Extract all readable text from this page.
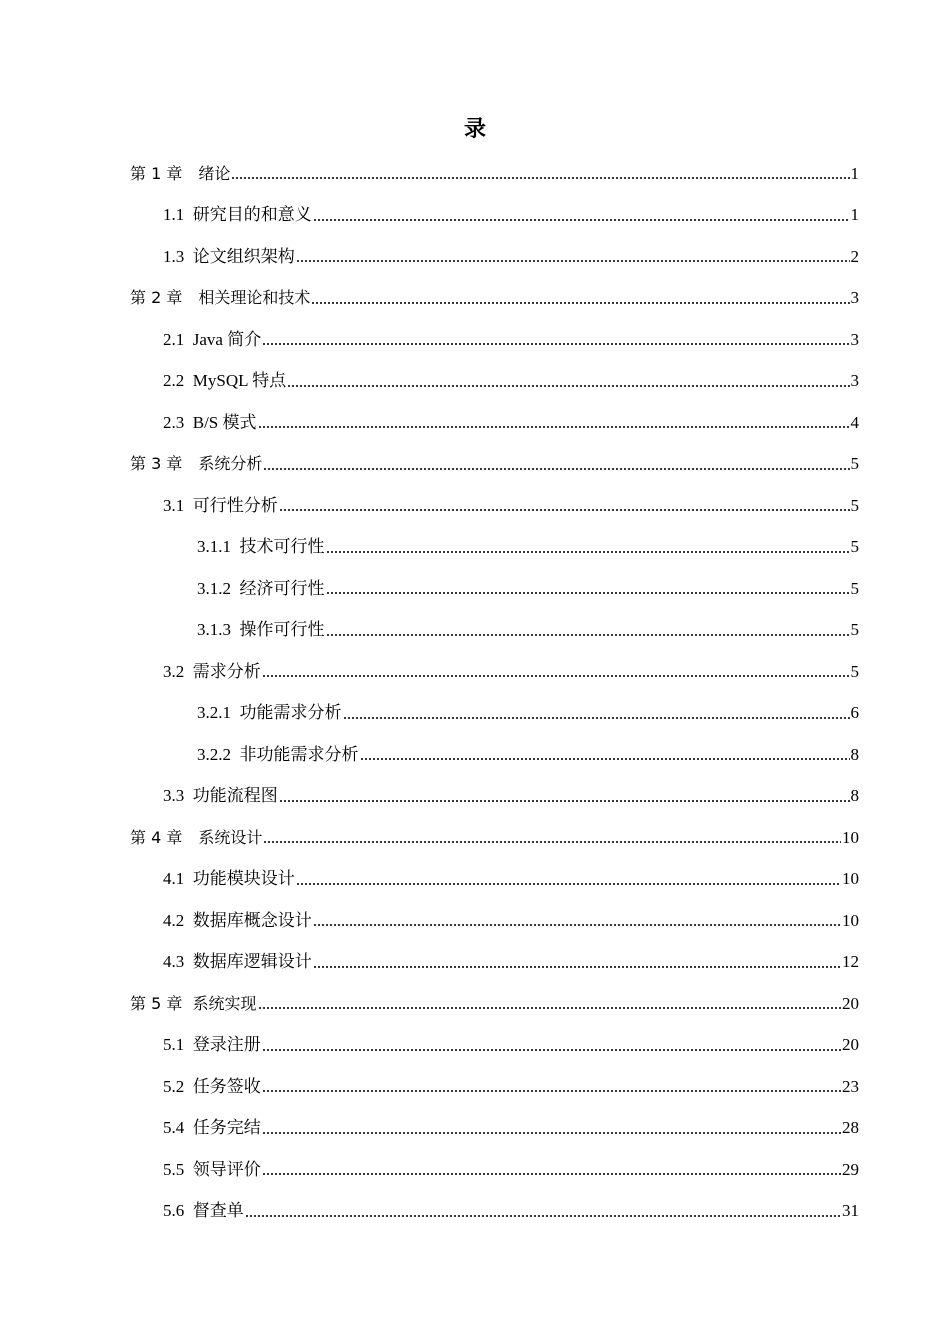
录
第 1 章　绪论	1
1.1  研究目的和意义	1
1.3  论文组织架构	2
第 2 章　相关理论和技术	3
2.1  Java 简介	3
2.2  MySQL 特点	3
2.3  B/S 模式	4
第 3 章　系统分析	5
3.1  可行性分析	5
3.1.1  技术可行性	5
3.1.2  经济可行性	5
3.1.3  操作可行性	5
3.2  需求分析	5
3.2.1  功能需求分析	6
3.2.2  非功能需求分析	8
3.3  功能流程图	8
第 4 章　系统设计	10
4.1  功能模块设计	10
4.2  数据库概念设计	10
4.3  数据库逻辑设计	12
第 5 章  系统实现	20
5.1  登录注册	20
5.2  任务签收	23
5.4  任务完结	28
5.5  领导评价	29
5.6  督查单	31
